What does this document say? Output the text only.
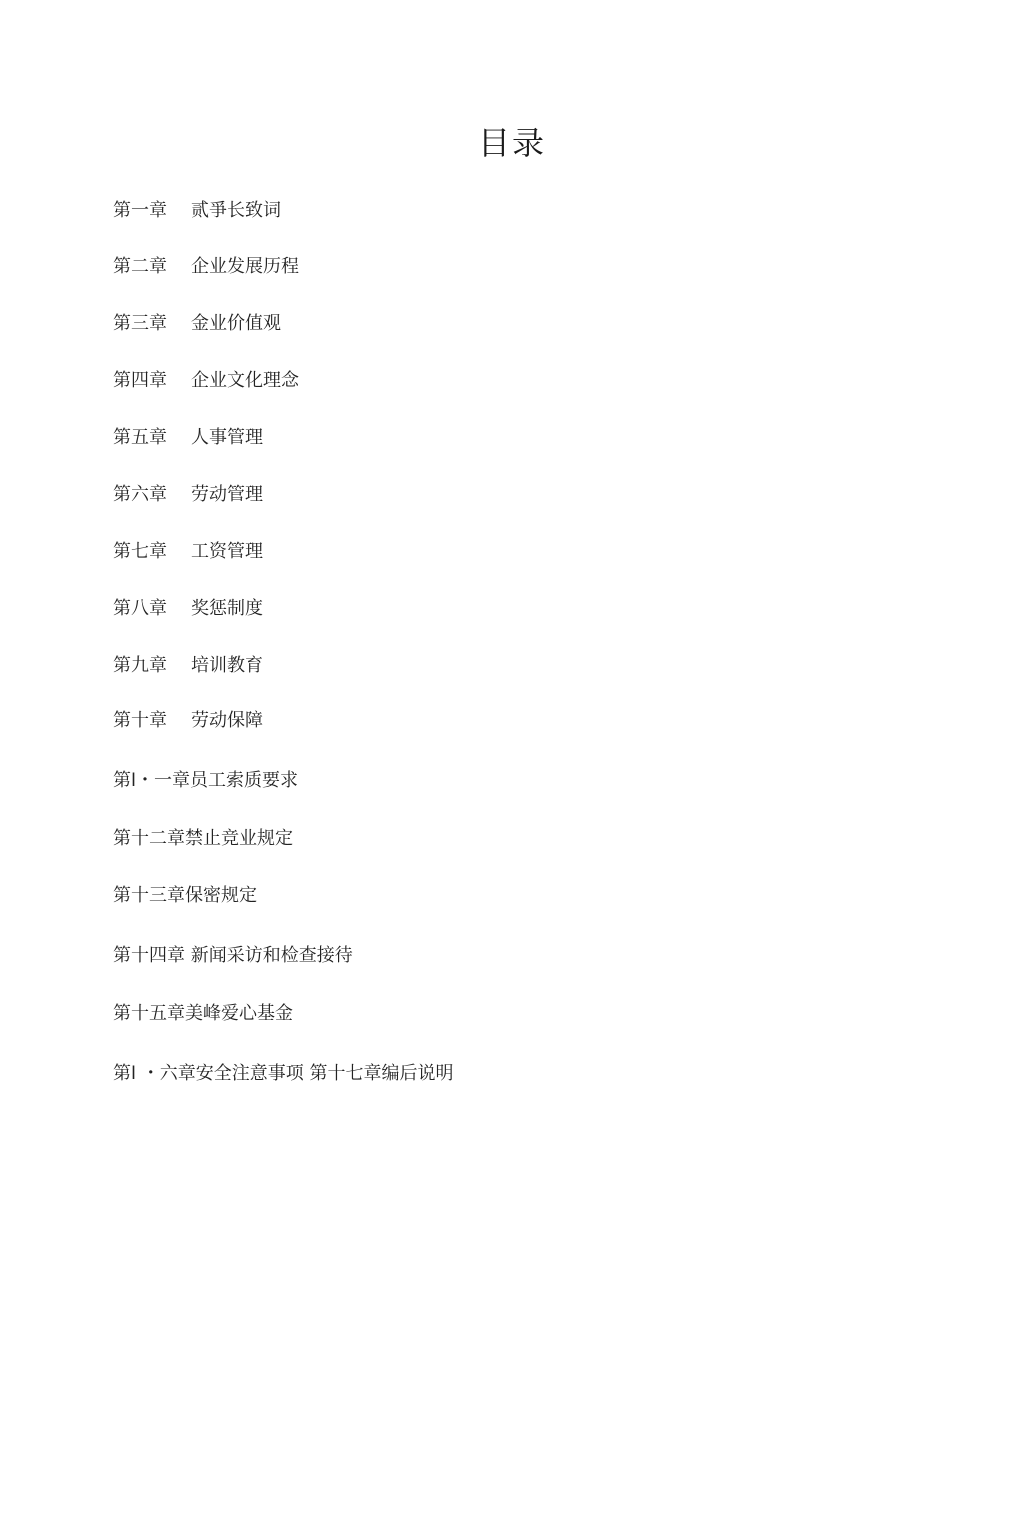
目录
第一章 贰爭长致词
第二章 企业发展历程
第三章 金业价值观
第四章 企业文化理念
第五章 人事管理
第六章 劳动管理
第七章 工资管理
第八章 奖惩制度
第九章 培训教育
第十章 劳动保障
第l・一章员工索质要求
第十二章禁止竞业规定
第十三章保密规定
第十四章 新闻采访和检查接待
第十五章美峰爱心基金
第l ・六章安全注意事项 第十七章编后说明
